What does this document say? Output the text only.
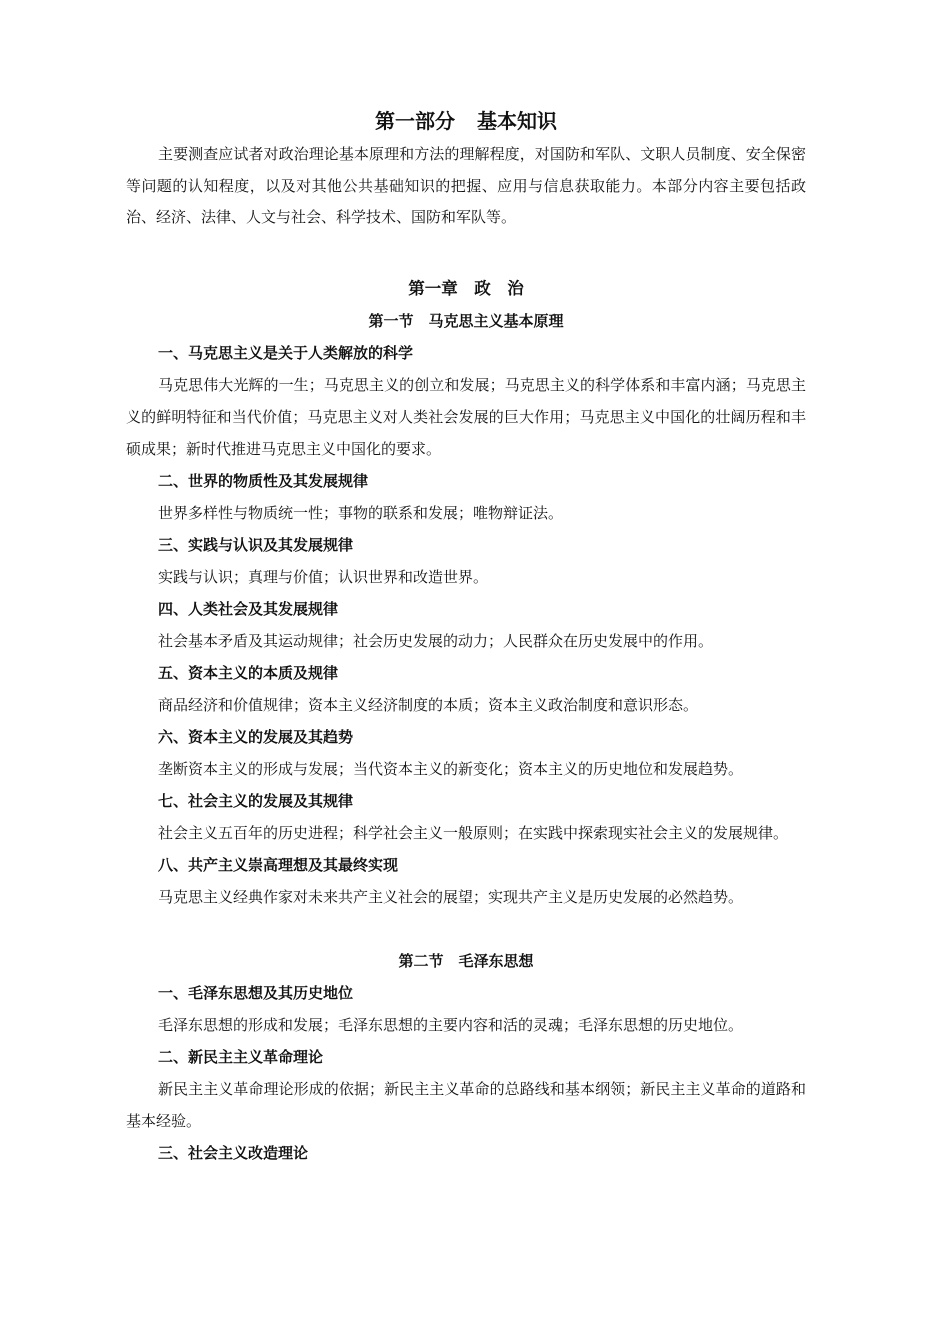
第一部分 基本知识

主要测查应试者对政治理论基本原理和方法的理解程度，对国防和军队、文职人员制度、安全保密等问题的认知程度，以及对其他公共基础知识的把握、应用与信息获取能力。本部分内容主要包括政治、经济、法律、人文与社会、科学技术、国防和军队等。

第一章　政　治
第一节　马克思主义基本原理
一、马克思主义是关于人类解放的科学

马克思伟大光辉的一生；马克思主义的创立和发展；马克思主义的科学体系和丰富内涵；马克思主义的鲜明特征和当代价值；马克思主义对人类社会发展的巨大作用；马克思主义中国化的壮阔历程和丰硕成果；新时代推进马克思主义中国化的要求。

二、世界的物质性及其发展规律

世界多样性与物质统一性；事物的联系和发展；唯物辩证法。

三、实践与认识及其发展规律

实践与认识；真理与价值；认识世界和改造世界。

四、人类社会及其发展规律

社会基本矛盾及其运动规律；社会历史发展的动力；人民群众在历史发展中的作用。

五、资本主义的本质及规律

商品经济和价值规律；资本主义经济制度的本质；资本主义政治制度和意识形态。

六、资本主义的发展及其趋势

垄断资本主义的形成与发展；当代资本主义的新变化；资本主义的历史地位和发展趋势。

七、社会主义的发展及其规律

社会主义五百年的历史进程；科学社会主义一般原则；在实践中探索现实社会主义的发展规律。

八、共产主义崇高理想及其最终实现

马克思主义经典作家对未来共产主义社会的展望；实现共产主义是历史发展的必然趋势。

第二节　毛泽东思想
一、毛泽东思想及其历史地位

毛泽东思想的形成和发展；毛泽东思想的主要内容和活的灵魂；毛泽东思想的历史地位。

二、新民主主义革命理论

新民主主义革命理论形成的依据；新民主主义革命的总路线和基本纲领；新民主主义革命的道路和基本经验。

三、社会主义改造理论
